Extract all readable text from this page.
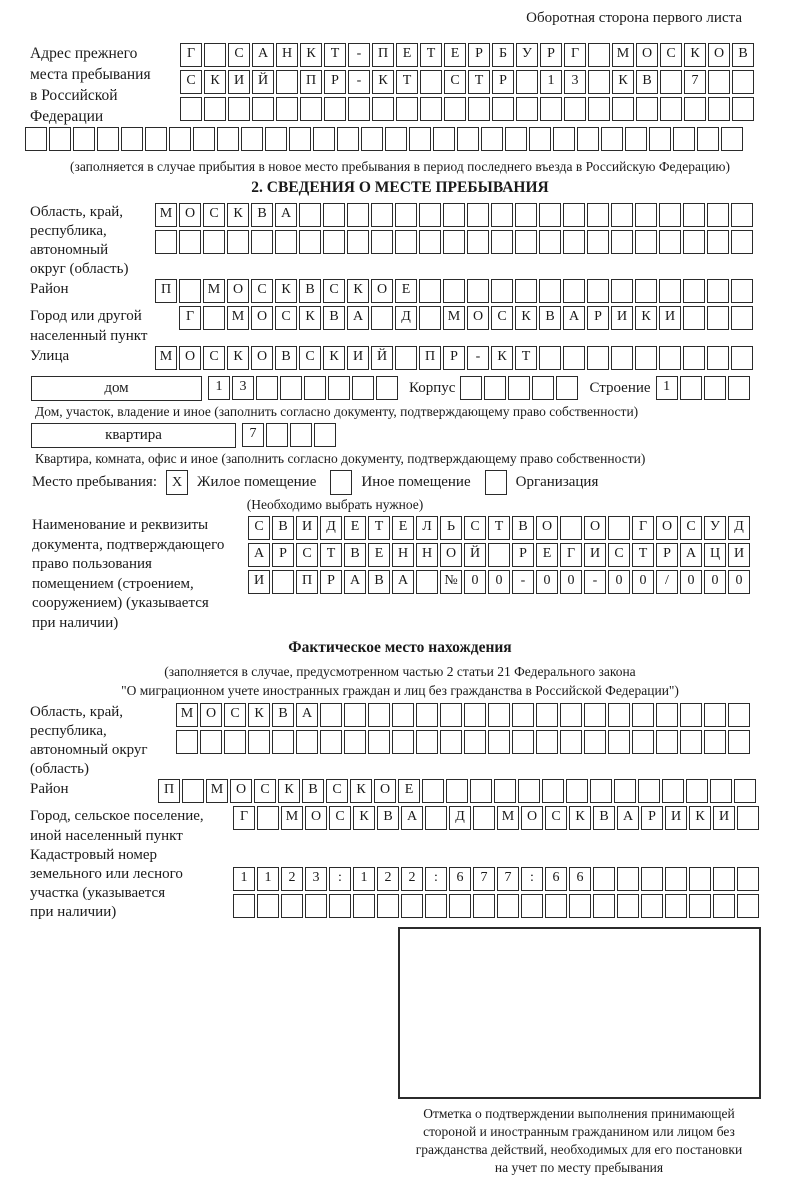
Оборотная сторона первого листа
Адрес прежнего
места пребывания
в Российской
Федерации
Г	С	А Н	К	Т	-	П	Е	Т	Е	Р	Б	У	Р	Г	М О	С	К	О	В

С	К	И Й	П	Р	-	К	Т	С	Т	Р	1	3	К	В	7

(заполняется в случае прибытия в новое место пребывания в период последнего въезда в Российскую Федерацию)
2. СВЕДЕНИЯ О МЕСТЕ ПРЕБЫВАНИЯ
Область, край,
республика,
автономный
округ (область)
М О	С	К	В	А

Район	П	М О	С	К	В	С	К	О	Е
Город или другой
населенный пункт
Г	М О	С	К	В	А	Д	М О	С	К	В	А	Р	И	К	И
Улица	М О	С	К	О	В	С	К	И Й	П	Р	-	К	Т
дом	1	3	Корпус	Строение 1
Дом, участок, владение и иное (заполнить согласно документу, подтверждающему право собственности)
квартира	7
Квартира, комната, офис и иное (заполнить согласно документу, подтверждающему право собственности)
Место пребывания:	X Жилое помещение	Иное помещение	Организация
(Необходимо выбрать нужное)
Наименование и реквизиты
документа, подтверждающего
право пользования
помещением (строением,
сооружением) (указывается
при наличии)
С	В	И	Д	Е	Т	Е	Л	Ь	С	Т	В	О	О	Г	О	С	У	Д

А	Р	С	Т	В	Е	Н Н О Й	Р	Е	Г	И	С	Т	Р	А Ц И

И	П	Р	А	В	А	№ 0	0	-	0	0	-	0	0	/	0	0	0
Фактическое место нахождения
(заполняется в случае, предусмотренном частью 2 статьи 21 Федерального закона
"О миграционном учете иностранных граждан и лиц без гражданства в Российской Федерации")
Область, край,
республика,
автономный округ
(область)
М О	С	К	В	А

Район	П	М О	С	К	В	С	К	О	Е
Город, сельское поселение,
иной населенный пункт
Г	М О	С	К	В	А	Д	М О	С	К	В	А	Р	И	К	И
Кадастровый номер
земельного или лесного
участка (указывается
при наличии)
1	1	2	3	:	1	2	2	:	6	7	7	:	6	6

Отметка о подтверждении выполнения принимающей
стороной и иностранным гражданином или лицом без
гражданства действий, необходимых для его постановки
на учет по месту пребывания
